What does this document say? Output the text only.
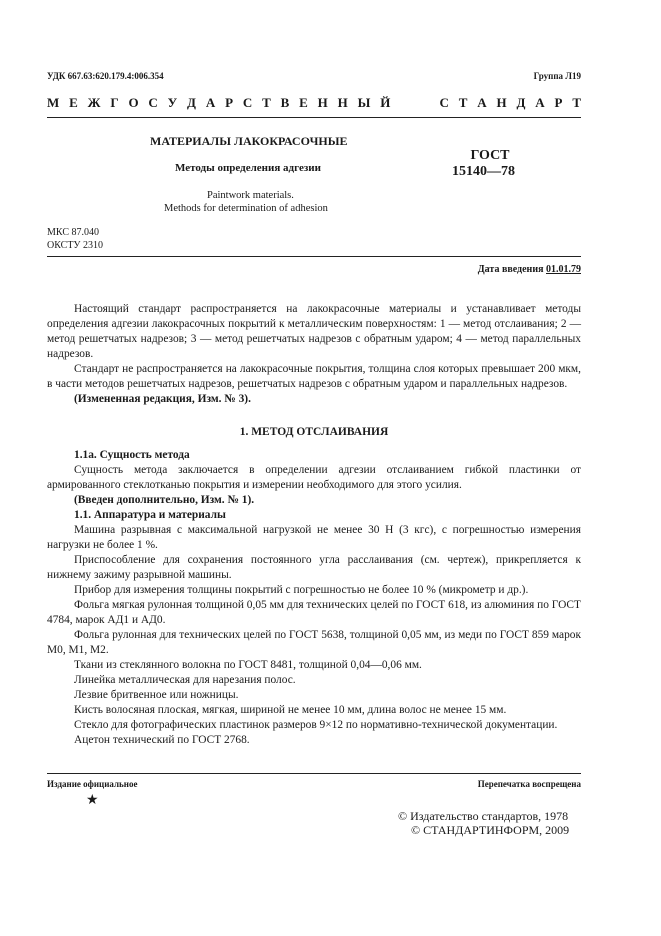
УДК 667.63:620.179.4:006.354	Группа Л19
М Е Ж Г О С У Д А Р С Т В Е Н Н Ы Й     С Т А Н Д А Р Т
МАТЕРИАЛЫ ЛАКОКРАСОЧНЫЕ
Методы определения адгезии
Paintwork materials.
Methods for determination of adhesion
ГОСТ
15140—78
МКС 87.040
ОКСТУ 2310
Дата введения 01.01.79

Настоящий стандарт распространяется на лакокрасочные материалы и устанавливает методы определения адгезии лакокрасочных покрытий к металлическим поверхностям: 1 — метод отслаивания; 2 — метод решетчатых надрезов; 3 — метод решетчатых надрезов с обратным ударом; 4 — метод параллельных надрезов.

Стандарт не распространяется на лакокрасочные покрытия, толщина слоя которых превышает 200 мкм, в части методов решетчатых надрезов, решетчатых надрезов с обратным ударом и параллельных надрезов.

(Измененная редакция, Изм. № 3).

1. МЕТОД ОТСЛАИВАНИЯ

1.1а. Сущность метода

Сущность метода заключается в определении адгезии отслаиванием гибкой пластинки от армированного стеклотканью покрытия и измерении необходимого для этого усилия.

(Введен дополнительно, Изм. № 1).

1.1. Аппаратура и материалы

Машина разрывная с максимальной нагрузкой не менее 30 Н (3 кгс), с погрешностью измерения нагрузки не более 1 %.

Приспособление для сохранения постоянного угла расслаивания (см. чертеж), прикрепляется к нижнему зажиму разрывной машины.

Прибор для измерения толщины покрытий с погрешностью не более 10 % (микрометр и др.).

Фольга мягкая рулонная толщиной 0,05 мм для технических целей по ГОСТ 618, из алюминия по ГОСТ 4784, марок АД1 и АД0.

Фольга рулонная для технических целей по ГОСТ 5638, толщиной 0,05 мм, из меди по ГОСТ 859 марок М0, М1, М2.

Ткани из стеклянного волокна по ГОСТ 8481, толщиной 0,04—0,06 мм.

Линейка металлическая для нарезания полос.

Лезвие бритвенное или ножницы.

Кисть волосяная плоская, мягкая, шириной не менее 10 мм, длина волос не менее 15 мм.

Стекло для фотографических пластинок размеров 9×12 по нормативно-технической документации.

Ацетон технический по ГОСТ 2768.

Издание официальное	Перепечатка воспрещена
★
© Издательство стандартов, 1978
© СТАНДАРТИНФОРМ, 2009
